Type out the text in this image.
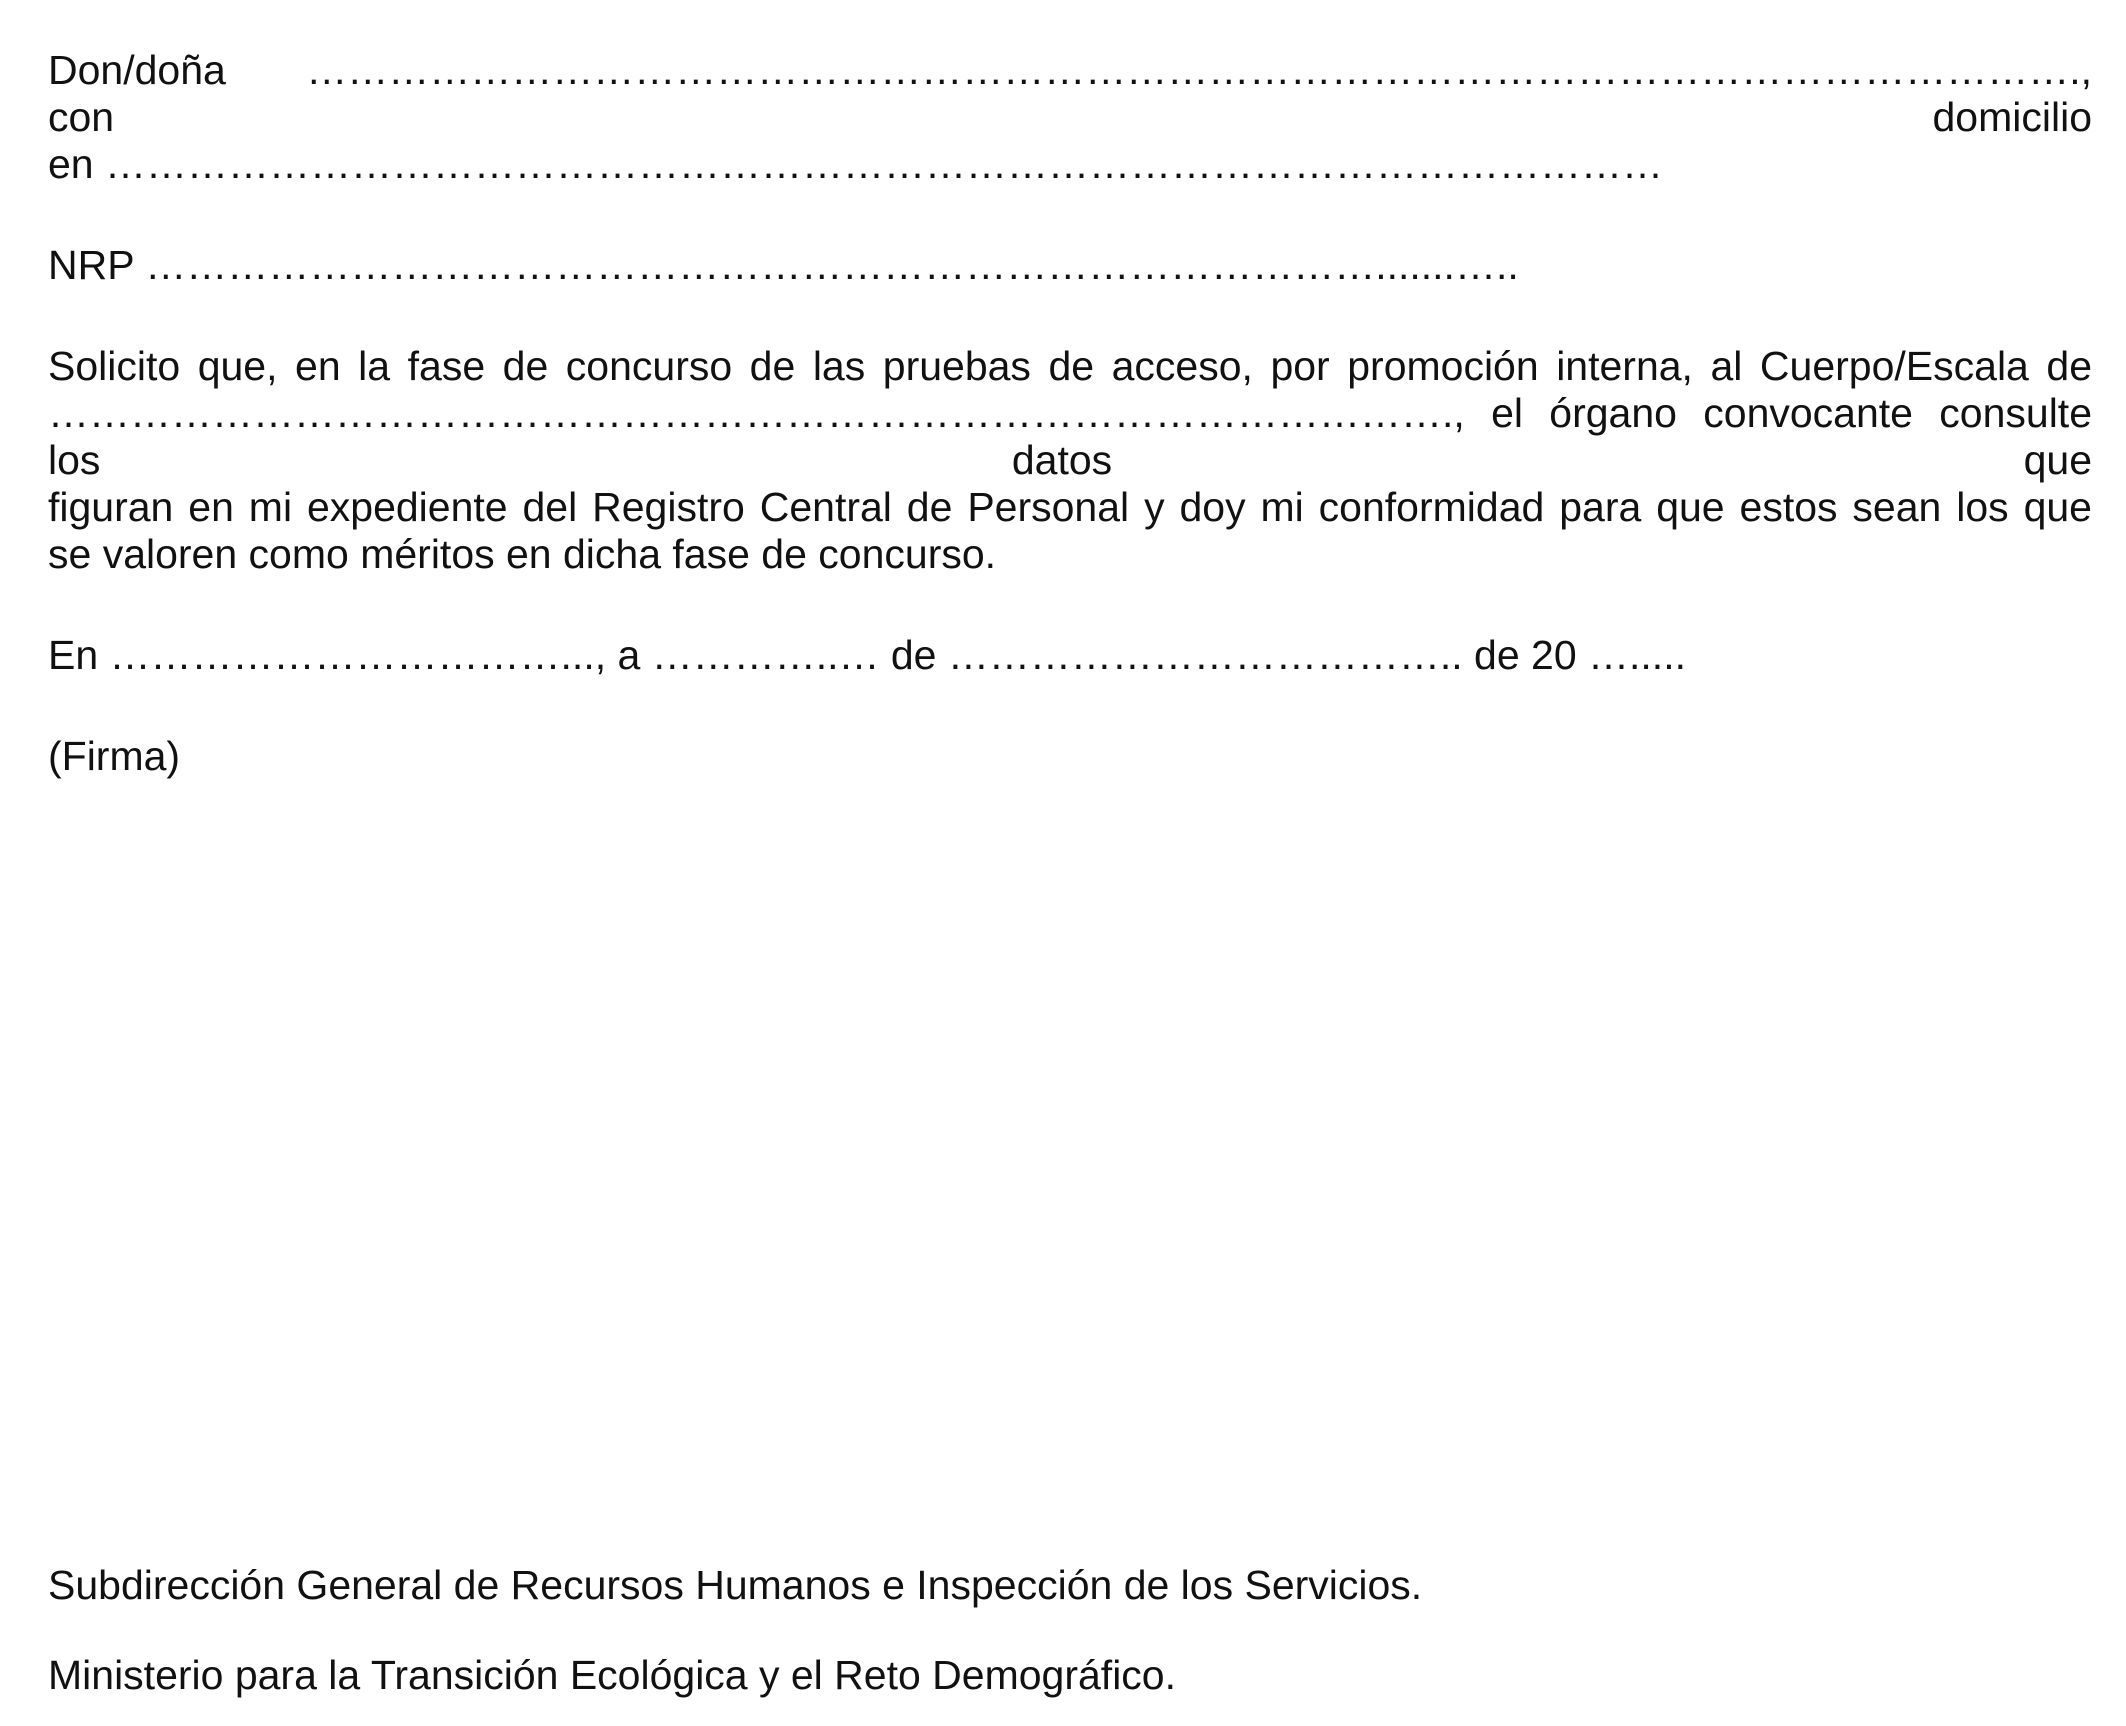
Don/doña …………………………………………………………………………………………………………………., con domicilio

en ……………………………………………………………………………………………………

NRP ……………………………………………………………………………….......…..

Solicito que, en la fase de concurso de las pruebas de acceso, por promoción interna, al Cuerpo/Escala de

…………………………………………………………………………………………., el órgano convocante consulte los datos que

figuran en mi expediente del Registro Central de Personal y doy mi conformidad para que estos sean los que

se valoren como méritos en dicha fase de concurso.

En ……………………………..., a …………..… de ……………………………….. de 20 ….....

(Firma)

Subdirección General de Recursos Humanos e Inspección de los Servicios.

Ministerio para la Transición Ecológica y el Reto Demográfico.
